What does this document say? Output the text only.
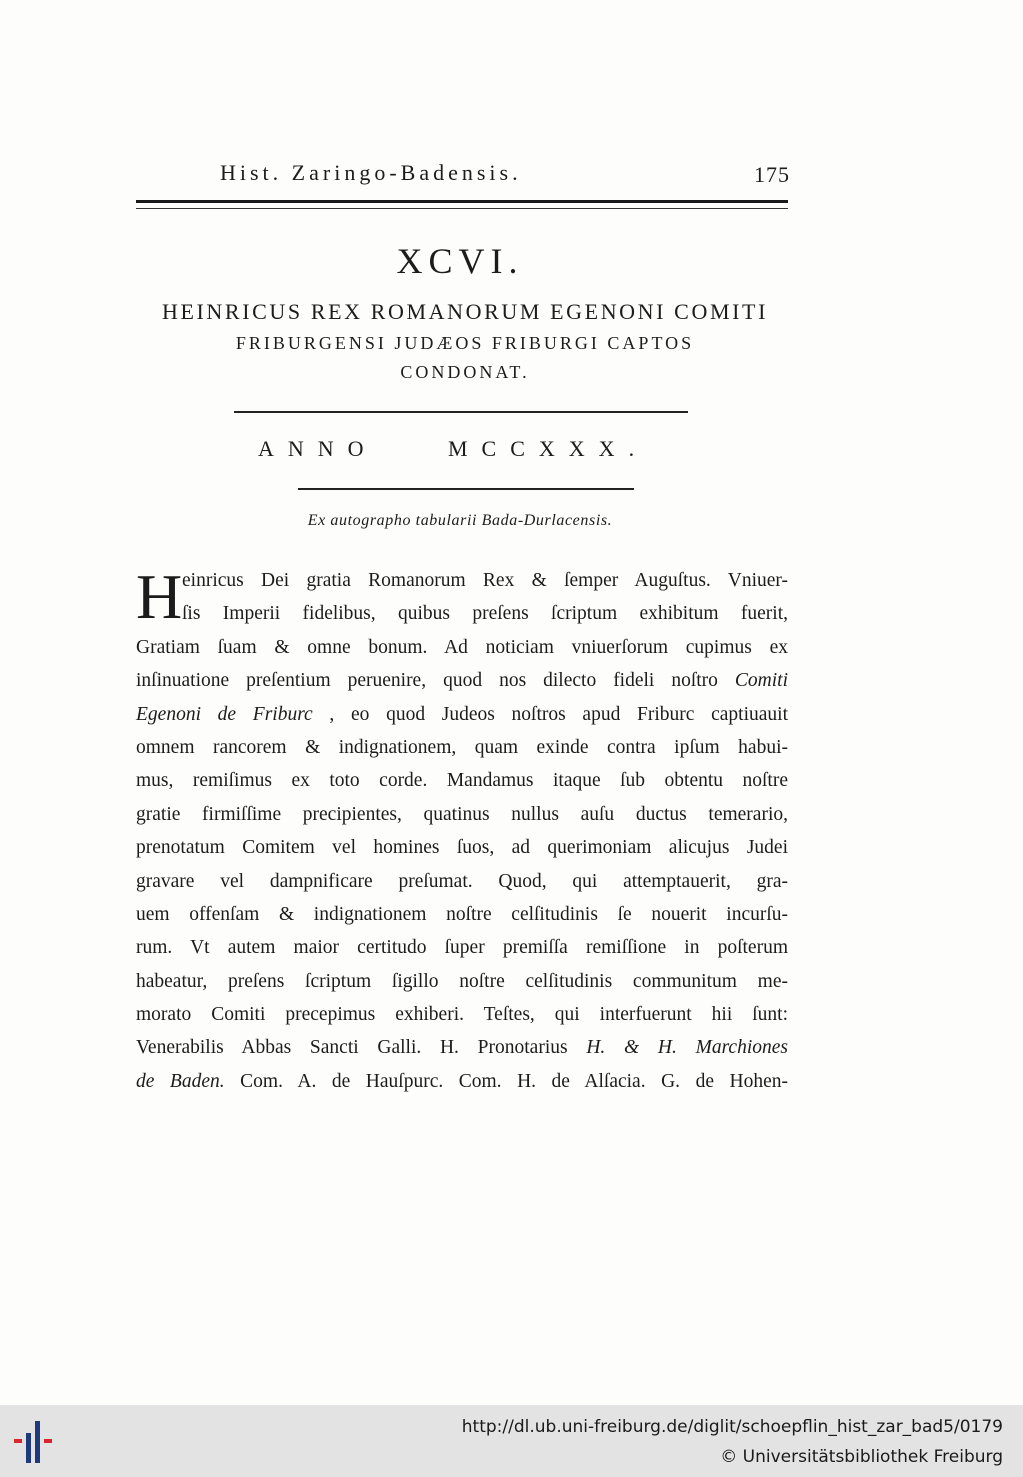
Hist. Zaringo-Badensis.	175
XCVI.
HEINRICUS REX ROMANORUM EGENONI COMITI
FRIBURGENSI JUDÆOS FRIBURGI CAPTOS
CONDONAT.
ANNO	MCCXXX.
Ex autographo tabularii Bada-Durlacensis.
H einricus Dei gratia Romanorum Rex & ſemper Auguſtus. Vniuer-
ſis Imperii fidelibus, quibus preſens ſcriptum exhibitum fuerit,
Gratiam ſuam & omne bonum. Ad noticiam vniuerſorum cupimus ex
inſinuatione preſentium peruenire, quod nos dilecto fideli noſtro Comiti
Egenoni de Friburc , eo quod Judeos noſtros apud Friburc captiuauit
omnem rancorem & indignationem, quam exinde contra ipſum habui-
mus, remiſimus ex toto corde. Mandamus itaque ſub obtentu noſtre
gratie firmiſſime precipientes, quatinus nullus auſu ductus temerario,
prenotatum Comitem vel homines ſuos, ad querimoniam alicujus Judei
gravare vel dampnificare preſumat. Quod, qui attemptauerit, gra-
uem offenſam & indignationem noſtre celſitudinis ſe nouerit incurſu-
rum. Vt autem maior certitudo ſuper premiſſa remiſſione in poſterum
habeatur, preſens ſcriptum ſigillo noſtre celſitudinis communitum me-
morato Comiti precepimus exhiberi. Teſtes, qui interfuerunt hii ſunt:
Venerabilis Abbas Sancti Galli. H. Pronotarius H. & H. Marchiones
de Baden. Com. A. de Hauſpurc. Com. H. de Alſacia. G. de Hohen-
http://dl.ub.uni-freiburg.de/diglit/schoepflin_hist_zar_bad5/0179
© Universitätsbibliothek Freiburg
